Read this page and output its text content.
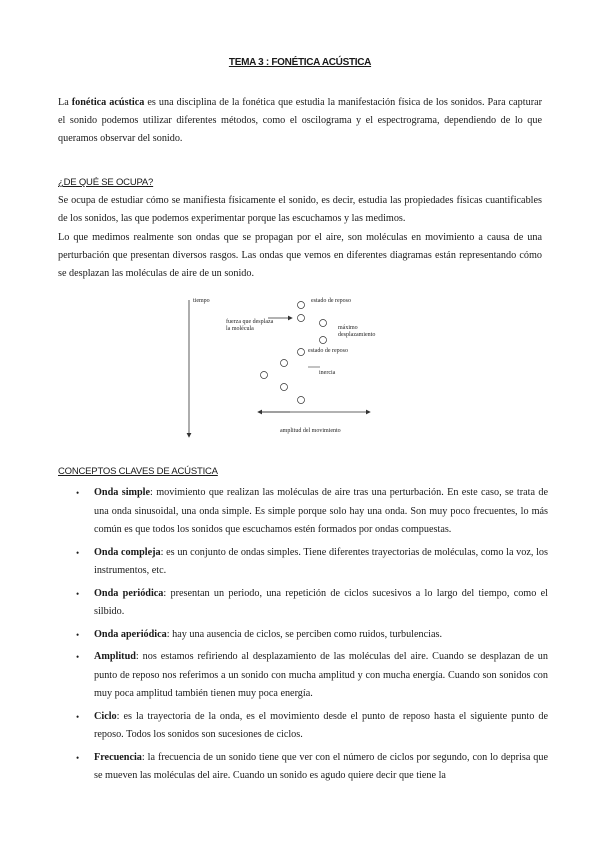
TEMA 3 : FONÉTICA ACÚSTICA
La fonética acústica es una disciplina de la fonética que estudia la manifestación física de los sonidos. Para capturar el sonido podemos utilizar diferentes métodos, como el oscilograma y el espectrograma, dependiendo de lo que queramos observar del sonido.
¿DE QUÉ SE OCUPA?
Se ocupa de estudiar cómo se manifiesta físicamente el sonido, es decir, estudia las propiedades físicas cuantificables de los sonidos, las que podemos experimentar porque las escuchamos y las medimos.
Lo que medimos realmente son ondas que se propagan por el aire, son moléculas en movimiento a causa de una perturbación que presentan diversos rasgos. Las ondas que vemos en diferentes diagramas están representando cómo se desplazan las moléculas de aire de un sonido.
tiempo
fuerza que desplaza
la molécula
estado de reposo
máximo
desplazamiento
estado de reposo
inercia
amplitud del movimiento
CONCEPTOS CLAVES DE ACÚSTICA
• Onda simple: movimiento que realizan las moléculas de aire tras una perturbación. En este caso, se trata de una onda sinusoidal, una onda simple. Es simple porque solo hay una onda. Son muy poco frecuentes, lo más común es que todos los sonidos que escuchamos estén formados por ondas compuestas.
• Onda compleja: es un conjunto de ondas simples. Tiene diferentes trayectorias de moléculas, como la voz, los instrumentos, etc.
• Onda periódica: presentan un periodo, una repetición de ciclos sucesivos a lo largo del tiempo, como el silbido.
• Onda aperiódica: hay una ausencia de ciclos, se perciben como ruidos, turbulencias.
• Amplitud: nos estamos refiriendo al desplazamiento de las moléculas del aire. Cuando se desplazan de un punto de reposo nos referimos a un sonido con mucha amplitud y con mucha energía. Cuando son sonidos con muy poca amplitud también tienen muy poca energía.
• Ciclo: es la trayectoria de la onda, es el movimiento desde el punto de reposo hasta el siguiente punto de reposo. Todos los sonidos son sucesiones de ciclos.
• Frecuencia: la frecuencia de un sonido tiene que ver con el número de ciclos por segundo, con lo deprisa que se mueven las moléculas del aire. Cuando un sonido es agudo quiere decir que tiene la
